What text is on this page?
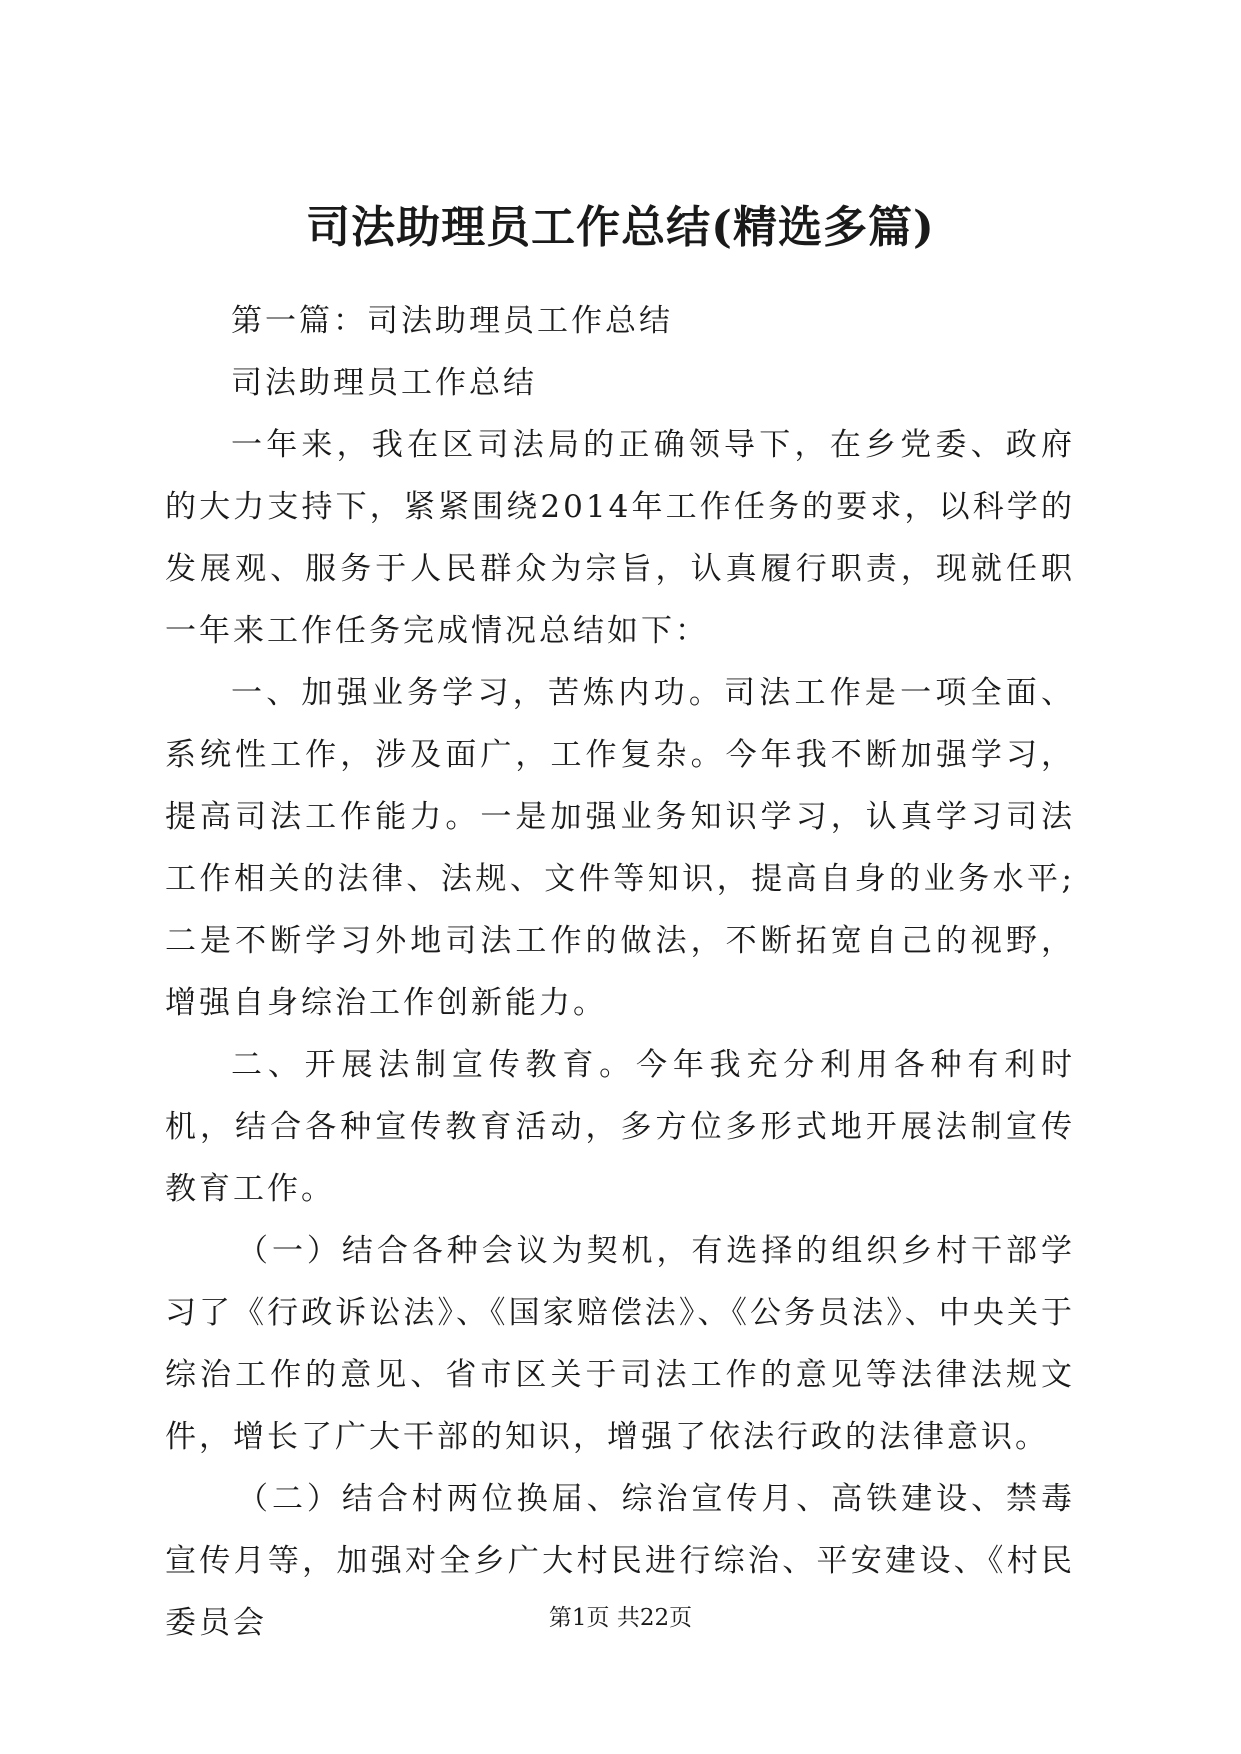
司法助理员工作总结(精选多篇)

第一篇：司法助理员工作总结

司法助理员工作总结

一年来，我在区司法局的正确领导下，在乡党委、政府的大力支持下，紧紧围绕2014年工作任务的要求，以科学的发展观、服务于人民群众为宗旨，认真履行职责，现就任职一年来工作任务完成情况总结如下：

一、加强业务学习，苦炼内功。司法工作是一项全面、系统性工作，涉及面广，工作复杂。今年我不断加强学习，提高司法工作能力。一是加强业务知识学习，认真学习司法工作相关的法律、法规、文件等知识，提高自身的业务水平;二是不断学习外地司法工作的做法，不断拓宽自己的视野，增强自身综治工作创新能力。

二、开展法制宣传教育。今年我充分利用各种有利时机，结合各种宣传教育活动，多方位多形式地开展法制宣传教育工作。

（一）结合各种会议为契机，有选择的组织乡村干部学习了《行政诉讼法》、《国家赔偿法》、《公务员法》、中央关于综治工作的意见、省市区关于司法工作的意见等法律法规文件，增长了广大干部的知识，增强了依法行政的法律意识。

（二）结合村两位换届、综治宣传月、高铁建设、禁毒宣传月等，加强对全乡广大村民进行综治、平安建设、《村民委员会	第1页 共22页
